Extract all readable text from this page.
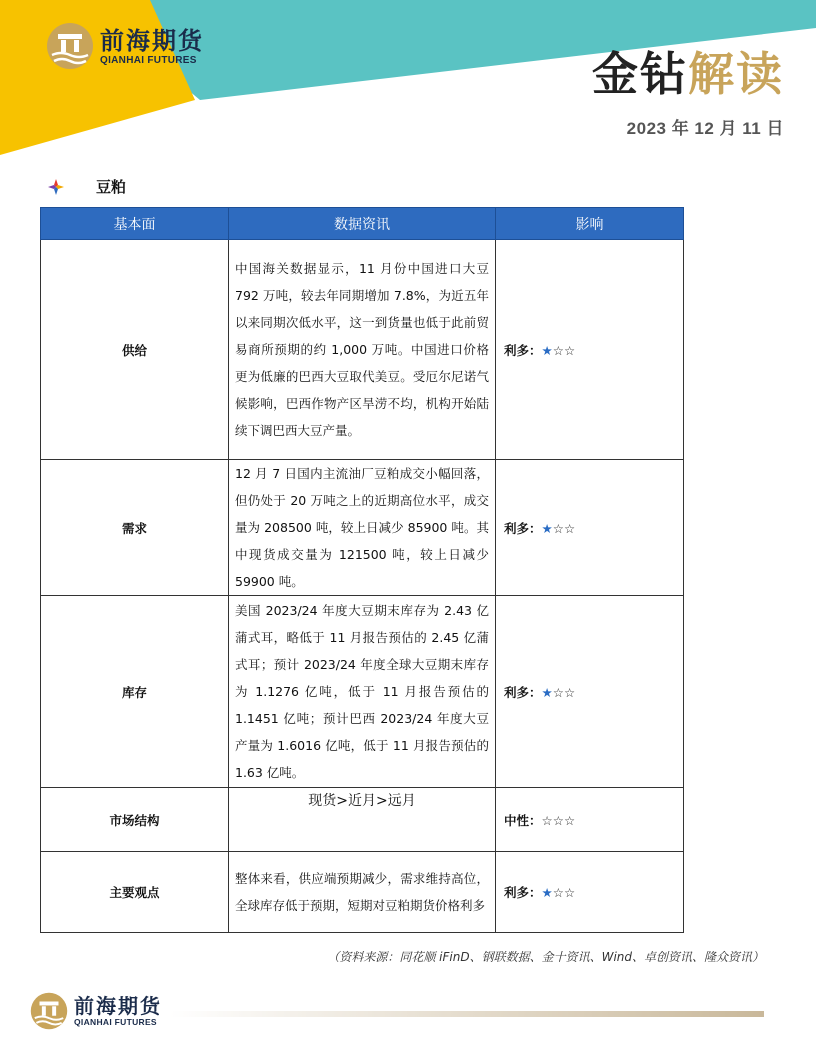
前海期货
QIANHAI FUTURES	金钻解读
2023 年 12 月 11 日
豆粕
基本面	数据资讯	影响
供给	中国海关数据显示，11 月份中国进口大豆 792 万吨，较去年同期增加 7.8%，为近五年以来同期次低水平，这一到货量也低于此前贸易商所预期的约 1,000 万吨。中国进口价格更为低廉的巴西大豆取代美豆。受厄尔尼诺气候影响，巴西作物产区旱涝不均，机构开始陆续下调巴西大豆产量。	利多：★☆☆
需求	12 月 7 日国内主流油厂豆粕成交小幅回落，但仍处于 20 万吨之上的近期高位水平，成交量为 208500 吨，较上日减少 85900 吨。其中现货成交量为 121500 吨，较上日减少 59900 吨。	利多：★☆☆
库存	美国 2023/24 年度大豆期末库存为 2.43 亿蒲式耳，略低于 11 月报告预估的 2.45 亿蒲式耳；预计 2023/24 年度全球大豆期末库存为 1.1276 亿吨，低于 11 月报告预估的 1.1451 亿吨；预计巴西 2023/24 年度大豆产量为 1.6016 亿吨，低于 11 月报告预估的 1.63 亿吨。	利多：★☆☆
市场结构	现货>近月>远月	中性：☆☆☆
主要观点	整体来看，供应端预期减少，需求维持高位，全球库存低于预期，短期对豆粕期货价格利多	利多：★☆☆
（资料来源：同花顺 iFinD、钢联数据、金十资讯、Wind、卓创资讯、隆众资讯）
前海期货
QIANHAI FUTURES
